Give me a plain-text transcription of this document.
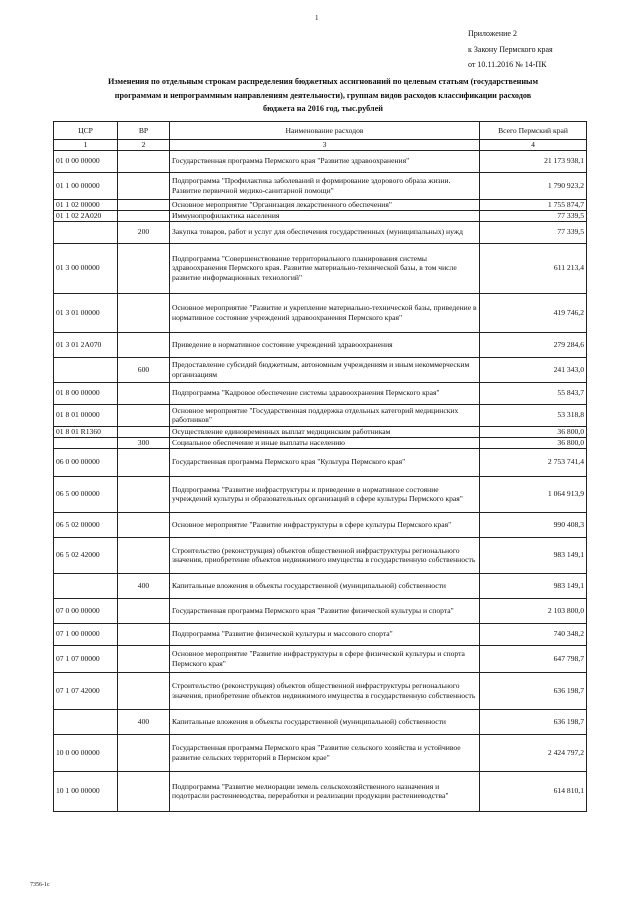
1
Приложение 2
к Закону Пермского края
от 10.11.2016 № 14-ПК
Изменения по отдельным строкам распределения бюджетных ассигнований по целевым статьям (государственным
программам и непрограммным направлениям деятельности), группам видов расходов классификации расходов
бюджета на 2016 год, тыс.рублей
ЦСР	ВР	Наименование расходов	Всего Пермский край
1	2	3	4
01 0 00 00000		Государственная программа Пермского края "Развитие здравоохранения"	21 173 938,1
01 1 00 00000		Подпрограмма "Профилактика заболеваний и формирование здорового образа жизни. Развитие первичной медико-санитарной помощи"	1 790 923,2
01 1 02 00000		Основное мероприятие "Организация лекарственного обеспечения"	1 755 874,7
01 1 02 2А020		Иммунопрофилактика населения	77 339,5
	200	Закупка товаров, работ и услуг для обеспечения государственных (муниципальных) нужд	77 339,5
01 3 00 00000		Подпрограмма "Совершенствование территориального планирования системы здравоохранения Пермского края. Развитие материально-технической базы, в том числе развитие информационных технологий"	611 213,4
01 3 01 00000		Основное мероприятие "Развитие и укрепление материально-технической базы, приведение в нормативное состояние учреждений здравоохранения Пермского края"	419 746,2
01 3 01 2А070		Приведение в нормативное состояние учреждений здравоохранения	279 284,6
	600	Предоставление субсидий бюджетным, автономным учреждениям и иным некоммерческим организациям	241 343,0
01 8 00 00000		Подпрограмма "Кадровое обеспечение системы здравоохранения Пермского края"	55 843,7
01 8 01 00000		Основное мероприятие "Государственная поддержка отдельных категорий медицинских работников"	53 318,8
01 8 01 R1360		Осуществление единовременных выплат медицинским работникам	36 800,0
	300	Социальное обеспечение и иные выплаты населению	36 800,0
06 0 00 00000		Государственная программа Пермского края "Культура Пермского края"	2 753 741,4
06 5 00 00000		Подпрограмма "Развитие инфраструктуры и приведение в нормативное состояние учреждений культуры и образовательных организаций в сфере культуры Пермского края"	1 064 913,9
06 5 02 00000		Основное мероприятие "Развитие инфраструктуры в сфере культуры Пермского края"	990 408,3
06 5 02 42000		Строительство (реконструкция) объектов общественной инфраструктуры регионального значения, приобретение объектов недвижимого имущества в государственную собственность	983 149,1
	400	Капитальные вложения в объекты государственной (муниципальной) собственности	983 149,1
07 0 00 00000		Государственная программа Пермского края "Развитие физической культуры и спорта"	2 103 800,0
07 1 00 00000		Подпрограмма "Развитие физической культуры и массового спорта"	740 348,2
07 1 07 00000		Основное мероприятие "Развитие инфраструктуры в сфере физической культуры и спорта Пермского края"	647 798,7
07 1 07 42000		Строительство (реконструкция) объектов общественной инфраструктуры регионального значения, приобретение объектов недвижимого имущества в государственную собственность	636 198,7
	400	Капитальные вложения в объекты государственной (муниципальной) собственности	636 198,7
10 0 00 00000		Государственная программа Пермского края "Развитие сельского хозяйства и устойчивое развитие сельских территорий в Пермском крае"	2 424 797,2
10 1 00 00000		Подпрограмма "Развитие мелиорации земель сельскохозяйственного назначения и подотрасли растениеводства, переработки и реализации продукции растениеводства"	614 810,1
7356-1с
